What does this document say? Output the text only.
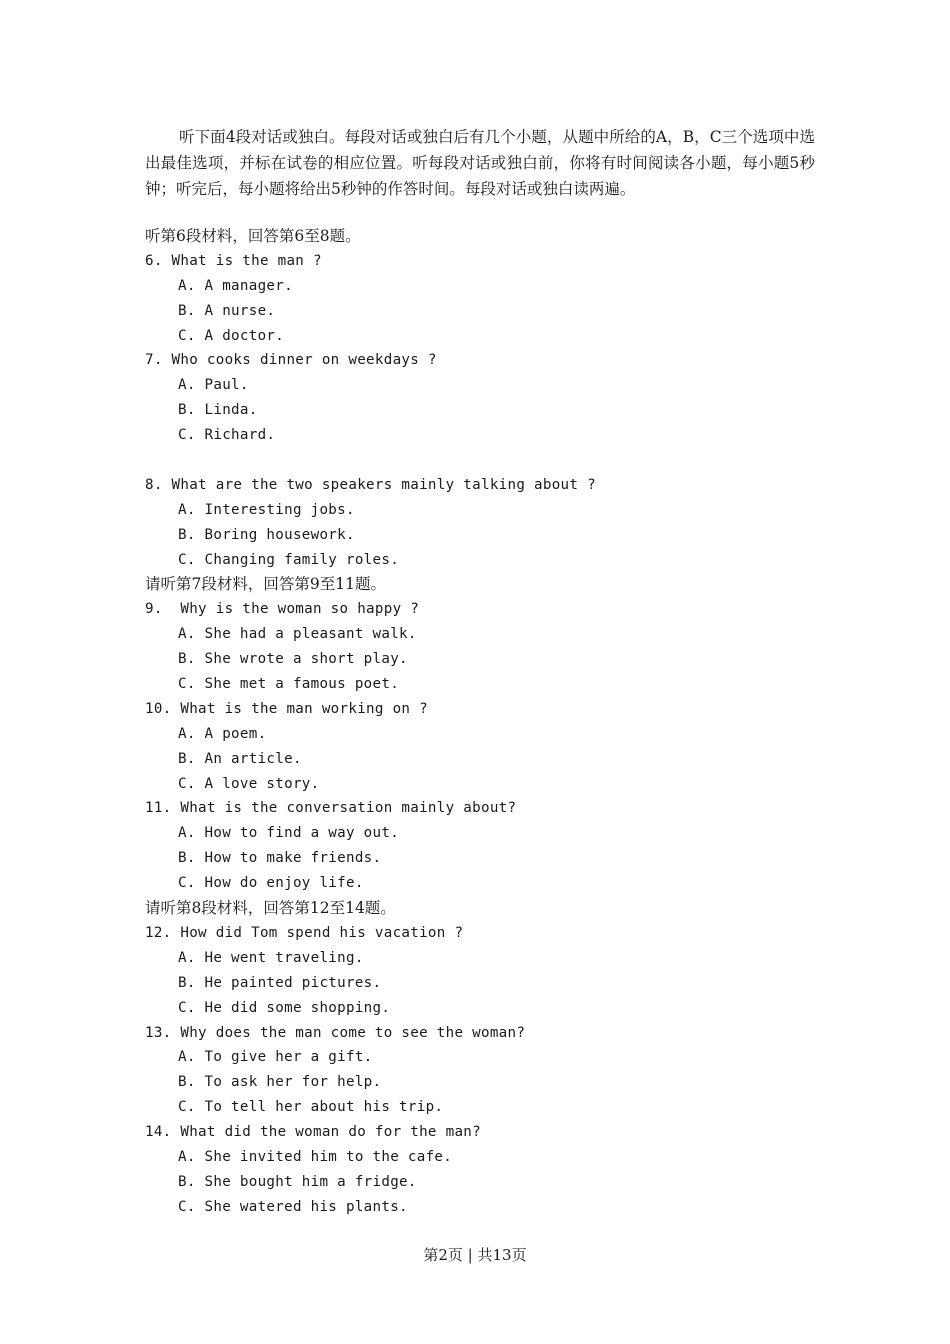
听下面4段对话或独白。每段对话或独白后有几个小题，从题中所给的A，B，C三个选项中选出最佳选项，并标在试卷的相应位置。听每段对话或独白前，你将有时间阅读各小题，每小题5秒钟；听完后，每小题将给出5秒钟的作答时间。每段对话或独白读两遍。

听第6段材料，回答第6至8题。
6. What is the man ?
A. A manager.
B. A nurse.
C. A doctor.
7. Who cooks dinner on weekdays ?
A. Paul.
B. Linda.
C. Richard.
8. What are the two speakers mainly talking about ?
A. Interesting jobs.
B. Boring housework.
C. Changing family roles.
请听第7段材料，回答第9至11题。
9.  Why is the woman so happy ?
A. She had a pleasant walk.
B. She wrote a short play.
C. She met a famous poet.
10. What is the man working on ?
A. A poem.
B. An article.
C. A love story.
11. What is the conversation mainly about?
A. How to find a way out.
B. How to make friends.
C. How do enjoy life.
请听第8段材料，回答第12至14题。
12. How did Tom spend his vacation ?
A. He went traveling.
B. He painted pictures.
C. He did some shopping.
13. Why does the man come to see the woman?
A. To give her a gift.
B. To ask her for help.
C. To tell her about his trip.
14. What did the woman do for the man?
A. She invited him to the cafe.
B. She bought him a fridge.
C. She watered his plants.
第2页 | 共13页
